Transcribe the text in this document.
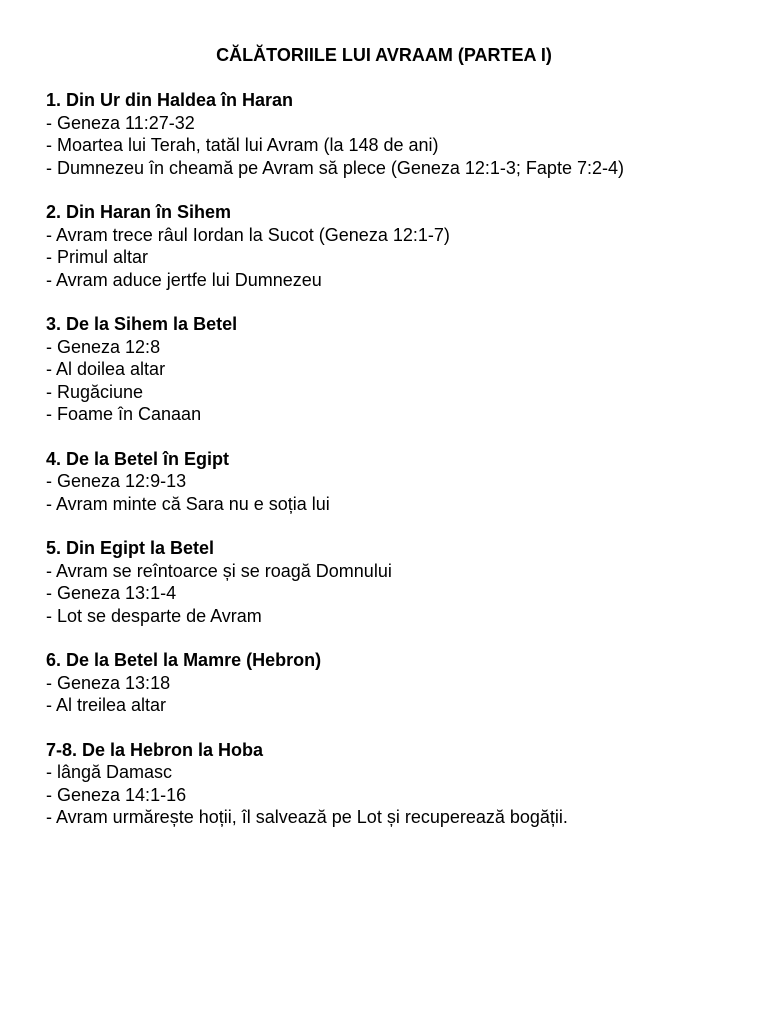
CĂLĂTORIILE LUI AVRAAM (PARTEA I)

1. Din Ur din Haldea în Haran

- Geneza 11:27-32

- Moartea lui Terah, tatăl lui Avram (la 148 de ani)

- Dumnezeu în cheamă pe Avram să plece (Geneza 12:1-3; Fapte 7:2-4)

2. Din Haran în Sihem

- Avram trece râul Iordan la Sucot (Geneza 12:1-7)

- Primul altar

- Avram aduce jertfe lui Dumnezeu

3. De la Sihem la Betel

- Geneza 12:8

- Al doilea altar

- Rugăciune

- Foame în Canaan

4. De la Betel în Egipt

- Geneza 12:9-13

- Avram minte că Sara nu e soția lui

5. Din Egipt la Betel

- Avram se reîntoarce și se roagă Domnului

- Geneza 13:1-4

- Lot se desparte de Avram

6. De la Betel la Mamre (Hebron)

- Geneza 13:18

- Al treilea altar

7-8. De la Hebron la Hoba

- lângă Damasc

- Geneza 14:1-16

- Avram urmărește hoții, îl salvează pe Lot și recuperează bogății.
